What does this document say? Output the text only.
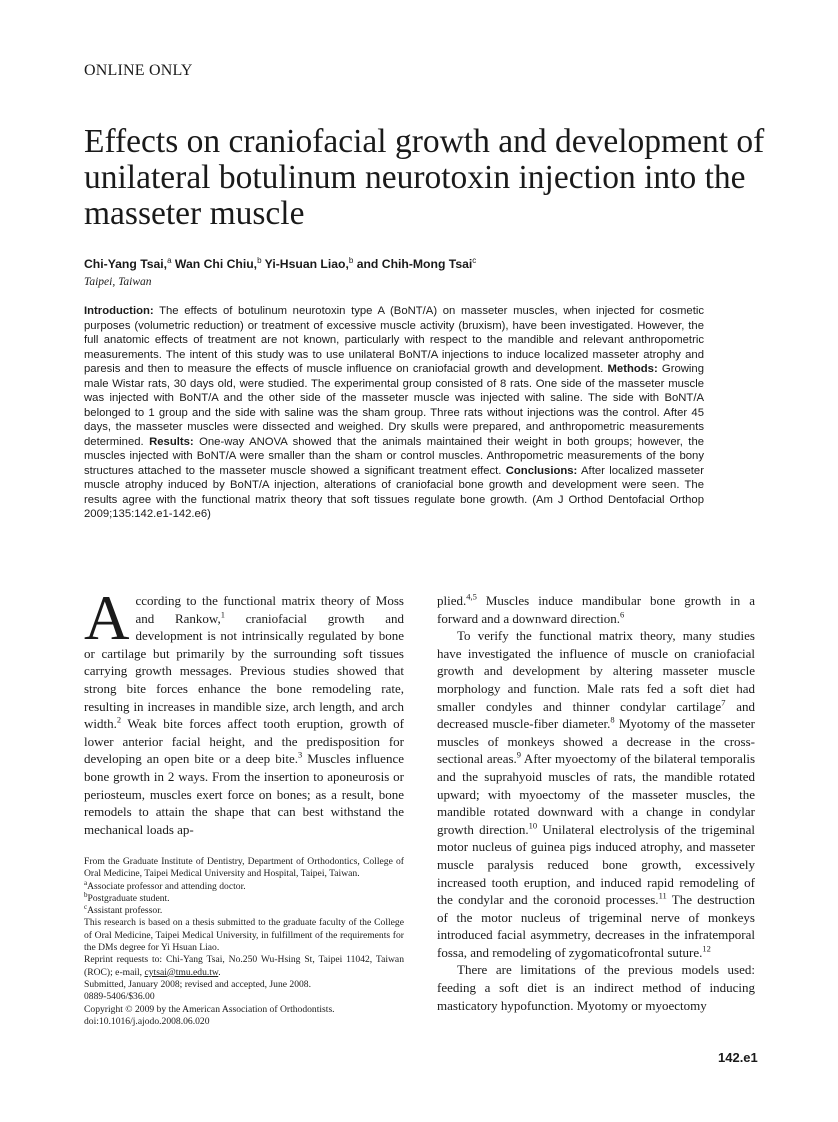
ONLINE ONLY
Effects on craniofacial growth and development of unilateral botulinum neurotoxin injection into the masseter muscle
Chi-Yang Tsai,$^a$ Wan Chi Chiu,$^b$ Yi-Hsuan Liao,$^b$ and Chih-Mong Tsai$^c$
Taipei, Taiwan

Introduction: The effects of botulinum neurotoxin type A (BoNT/A) on masseter muscles, when injected for cosmetic purposes (volumetric reduction) or treatment of excessive muscle activity (bruxism), have been investigated. However, the full anatomic effects of treatment are not known, particularly with respect to the mandible and relevant anthropometric measurements. The intent of this study was to use unilateral BoNT/A injections to induce localized masseter atrophy and paresis and then to measure the effects of muscle influence on craniofacial growth and development. Methods: Growing male Wistar rats, 30 days old, were studied. The experimental group consisted of 8 rats. One side of the masseter muscle was injected with BoNT/A and the other side of the masseter muscle was injected with saline. The side with BoNT/A belonged to 1 group and the side with saline was the sham group. Three rats without injections was the control. After 45 days, the masseter muscles were dissected and weighed. Dry skulls were prepared, and anthropometric measurements determined. Results: One-way ANOVA showed that the animals maintained their weight in both groups; however, the muscles injected with BoNT/A were smaller than the sham or control muscles. Anthropometric measurements of the bony structures attached to the masseter muscle showed a significant treatment effect. Conclusions: After localized masseter muscle atrophy induced by BoNT/A injection, alterations of craniofacial bone growth and development were seen. The results agree with the functional matrix theory that soft tissues regulate bone growth. (Am J Orthod Dentofacial Orthop 2009;135:142.e1-142.e6)

According to the functional matrix theory of Moss and Rankow,$^1$ craniofacial growth and development is not intrinsically regulated by bone or cartilage but primarily by the surrounding soft tissues carrying growth messages. Previous studies showed that strong bite forces enhance the bone remodeling rate, resulting in increases in mandible size, arch length, and arch width.$^2$ Weak bite forces affect tooth eruption, growth of lower anterior facial height, and the predisposition for developing an open bite or a deep bite.$^3$ Muscles influence bone growth in 2 ways. From the insertion to aponeurosis or periosteum, muscles exert force on bones; as a result, bone remodels to attain the shape that can best withstand the mechanical loads ap-

From the Graduate Institute of Dentistry, Department of Orthodontics, College of Oral Medicine, Taipei Medical University and Hospital, Taipei, Taiwan.
$^a$Associate professor and attending doctor.
$^b$Postgraduate student.
$^c$Assistant professor.
This research is based on a thesis submitted to the graduate faculty of the College of Oral Medicine, Taipei Medical University, in fulfillment of the requirements for the DMs degree for Yi Hsuan Liao.
Reprint requests to: Chi-Yang Tsai, No.250 Wu-Hsing St, Taipei 11042, Taiwan (ROC); e-mail, cytsai@tmu.edu.tw.
Submitted, January 2008; revised and accepted, June 2008.
0889-5406/$36.00
Copyright © 2009 by the American Association of Orthodontists.
doi:10.1016/j.ajodo.2008.06.020

plied.$^{4,5}$ Muscles induce mandibular bone growth in a forward and a downward direction.$^6$

To verify the functional matrix theory, many studies have investigated the influence of muscle on craniofacial growth and development by altering masseter muscle morphology and function. Male rats fed a soft diet had smaller condyles and thinner condylar cartilage$^7$ and decreased muscle-fiber diameter.$^8$ Myotomy of the masseter muscles of monkeys showed a decrease in the cross-sectional areas.$^9$ After myoectomy of the bilateral temporalis and the suprahyoid muscles of rats, the mandible rotated upward; with myoectomy of the masseter muscles, the mandible rotated downward with a change in condylar growth direction.$^{10}$ Unilateral electrolysis of the trigeminal motor nucleus of guinea pigs induced atrophy, and masseter muscle paralysis reduced bone growth, excessively increased tooth eruption, and induced rapid remodeling of the condylar and the coronoid processes.$^{11}$ The destruction of the motor nucleus of trigeminal nerve of monkeys introduced facial asymmetry, decreases in the infratemporal fossa, and remodeling of zygomaticofrontal suture.$^{12}$

There are limitations of the previous models used: feeding a soft diet is an indirect method of inducing masticatory hypofunction. Myotomy or myoectomy

142.e1
